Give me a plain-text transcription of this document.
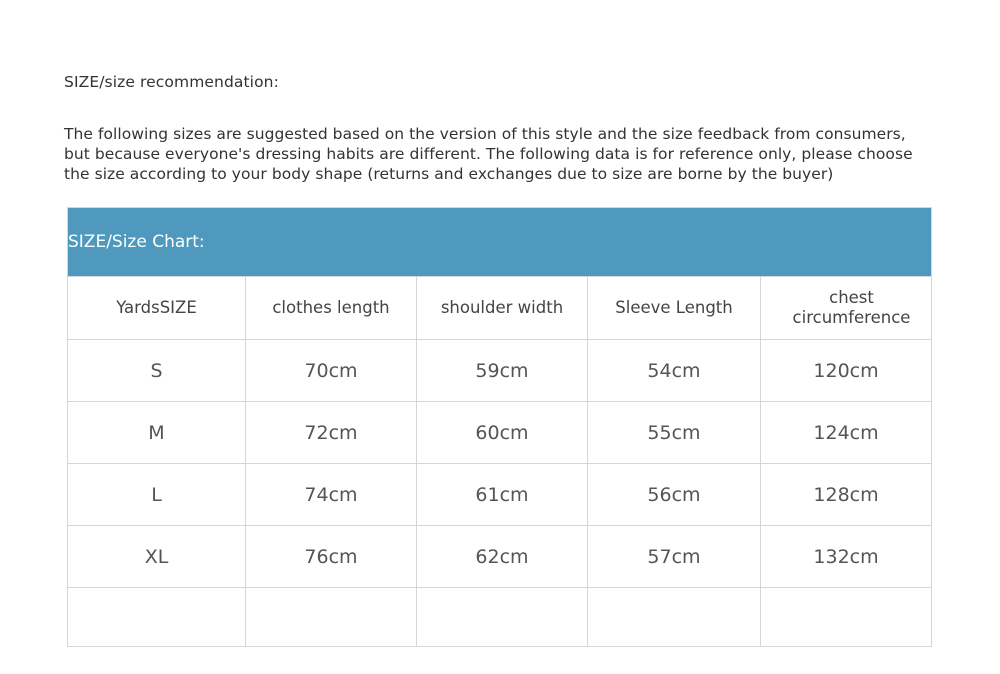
SIZE/size recommendation:
The following sizes are suggested based on the version of this style and the size feedback from consumers, but because everyone's dressing habits are different. The following data is for reference only, please choose the size according to your body shape (returns and exchanges due to size are borne by the buyer)
SIZE/Size Chart:				
YardsSIZE	clothes length	shoulder width	Sleeve Length	chest circumference
S	70cm	59cm	54cm	120cm
M	72cm	60cm	55cm	124cm
L	74cm	61cm	56cm	128cm
XL	76cm	62cm	57cm	132cm
